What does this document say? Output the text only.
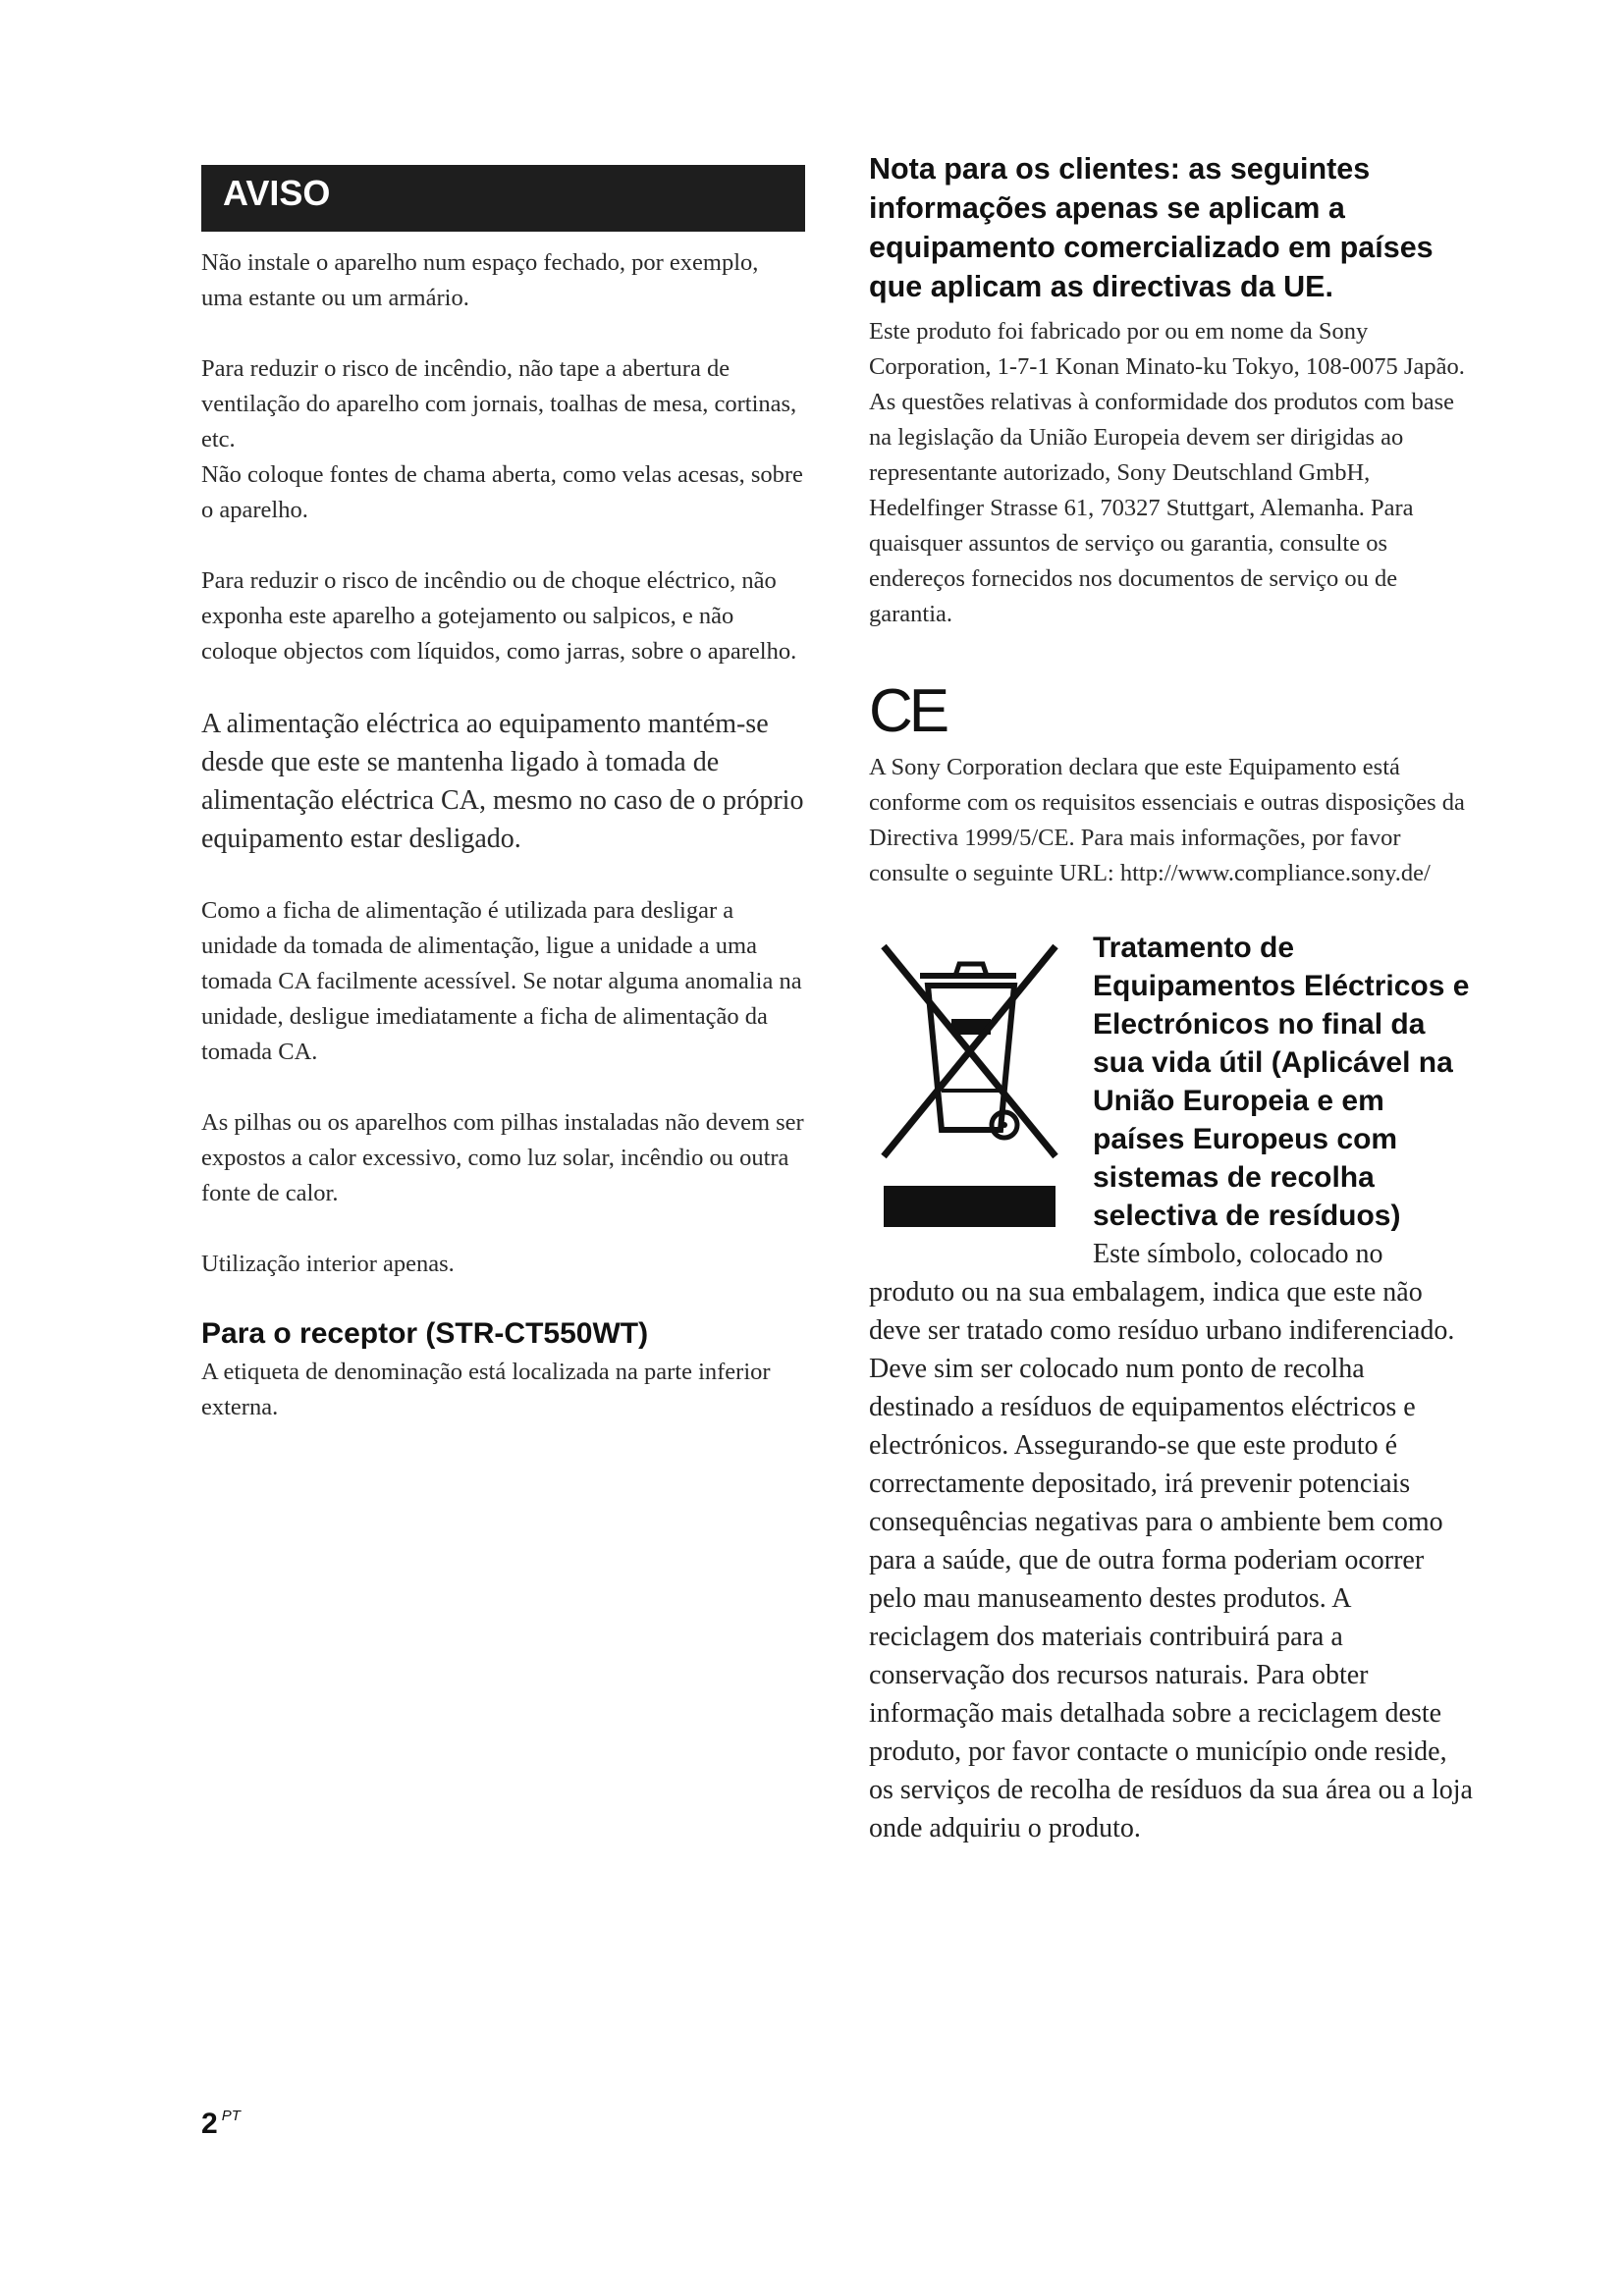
AVISO

Não instale o aparelho num espaço fechado, por exemplo, uma estante ou um armário.

Para reduzir o risco de incêndio, não tape a abertura de ventilação do aparelho com jornais, toalhas de mesa, cortinas, etc.

Não coloque fontes de chama aberta, como velas acesas, sobre o aparelho.

Para reduzir o risco de incêndio ou de choque eléctrico, não exponha este aparelho a gotejamento ou salpicos, e não coloque objectos com líquidos, como jarras, sobre o aparelho.

A alimentação eléctrica ao equipamento mantém-se desde que este se mantenha ligado à tomada de alimentação eléctrica CA, mesmo no caso de o próprio equipamento estar desligado.

Como a ficha de alimentação é utilizada para desligar a unidade da tomada de alimentação, ligue a unidade a uma tomada CA facilmente acessível. Se notar alguma anomalia na unidade, desligue imediatamente a ficha de alimentação da tomada CA.

As pilhas ou os aparelhos com pilhas instaladas não devem ser expostos a calor excessivo, como luz solar, incêndio ou outra fonte de calor.

Utilização interior apenas.

Para o receptor (STR-CT550WT)

A etiqueta de denominação está localizada na parte inferior externa.

Nota para os clientes: as seguintes informações apenas se aplicam a equipamento comercializado em países que aplicam as directivas da UE.

Este produto foi fabricado por ou em nome da Sony Corporation, 1-7-1 Konan Minato-ku Tokyo, 108-0075 Japão. As questões relativas à conformidade dos produtos com base na legislação da União Europeia devem ser dirigidas ao representante autorizado, Sony Deutschland GmbH, Hedelfinger Strasse 61, 70327 Stuttgart, Alemanha. Para quaisquer assuntos de serviço ou garantia, consulte os endereços fornecidos nos documentos de serviço ou de garantia.

CE

A Sony Corporation declara que este Equipamento está conforme com os requisitos essenciais e outras disposições da Directiva 1999/5/CE. Para mais informações, por favor consulte o seguinte URL: http://www.compliance.sony.de/

Tratamento de Equipamentos Eléctricos e Electrónicos no final da sua vida útil (Aplicável na União Europeia e em países Europeus com sistemas de recolha selectiva de resíduos)
Este símbolo, colocado no

produto ou na sua embalagem, indica que este não deve ser tratado como resíduo urbano indiferenciado. Deve sim ser colocado num ponto de recolha destinado a resíduos de equipamentos eléctricos e electrónicos. Assegurando-se que este produto é correctamente depositado, irá prevenir potenciais consequências negativas para o ambiente bem como para a saúde, que de outra forma poderiam ocorrer pelo mau manuseamento destes produtos. A reciclagem dos materiais contribuirá para a conservação dos recursos naturais. Para obter informação mais detalhada sobre a reciclagem deste produto, por favor contacte o município onde reside, os serviços de recolha de resíduos da sua área ou a loja onde adquiriu o produto.

2 $^{PT}$
